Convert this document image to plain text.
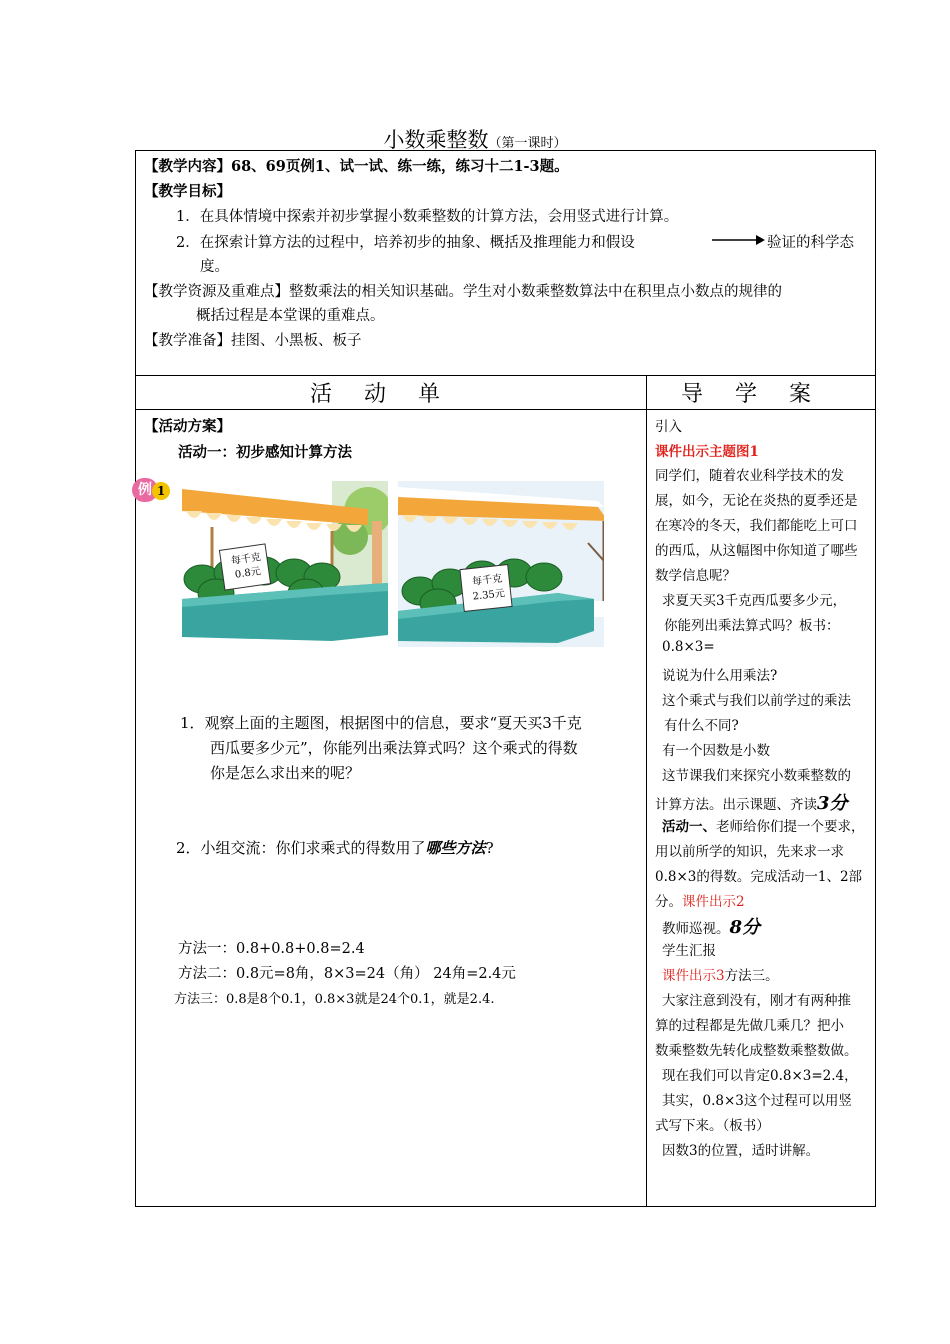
小数乘整数（第一课时）
【教学内容】68、69页例1、试一试、练一练，练习十二1-3题。
【教学目标】
1．在具体情境中探索并初步掌握小数乘整数的计算方法，会用竖式进行计算。
2．在探索计算方法的过程中，培养初步的抽象、概括及推理能力和假设	验证的科学态
度。
【教学资源及重难点】整数乘法的相关知识基础。学生对小数乘整数算法中在积里点小数点的规律的
概括过程是本堂课的重难点。
【教学准备】挂图、小黑板、板子
活动单	导学案
【活动方案】
活动一：初步感知计算方法
例 1
每千克
0.8元	每千克
2.35元
1．观察上面的主题图，根据图中的信息，要求“夏天买3千克
西瓜要多少元”，你能列出乘法算式吗？这个乘式的得数
你是怎么求出来的呢？
2．小组交流：你们求乘式的得数用了哪些方法?
方法一：0.8+0.8+0.8=2.4
方法二：0.8元=8角，8×3=24（角） 24角=2.4元
方法三：0.8是8个0.1，0.8×3就是24个0.1，就是2.4.
引入
课件出示主题图1
同学们，随着农业科学技术的发
展，如今，无论在炎热的夏季还是
在寒冷的冬天，我们都能吃上可口
的西瓜，从这幅图中你知道了哪些
数学信息呢？
求夏天买3千克西瓜要多少元，
你能列出乘法算式吗？板书：
0.8×3=
说说为什么用乘法?
这个乘式与我们以前学过的乘法
有什么不同?
有一个因数是小数
这节课我们来探究小数乘整数的
计算方法。出示课题、齐读3分
活动一、老师给你们提一个要求，
用以前所学的知识，先来求一求
0.8×3的得数。完成活动一1、2部
分。课件出示2
教师巡视。8分
学生汇报
课件出示3方法三。
大家注意到没有，刚才有两种推
算的过程都是先做几乘几？把小
数乘整数先转化成整数乘整数做。
现在我们可以肯定0.8×3=2.4，
其实，0.8×3这个过程可以用竖
式写下来。（板书）
因数3的位置，适时讲解。
